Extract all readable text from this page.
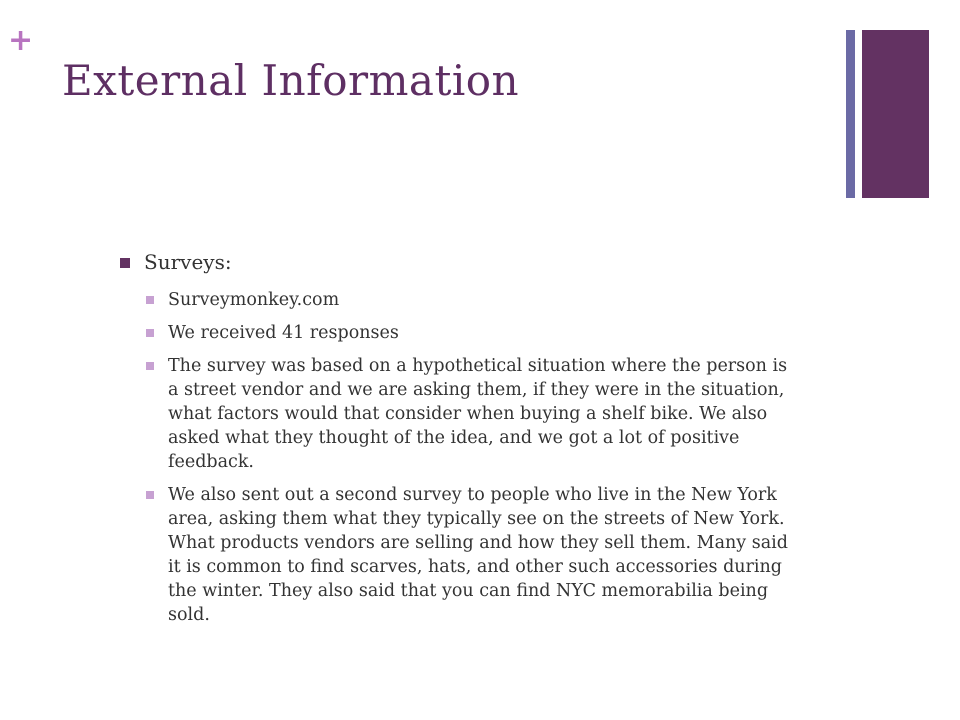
+
External Information
Surveys:
Surveymonkey.com
We received 41 responses
The survey was based on a hypothetical situation where the person is a street vendor and we are asking them, if they were in the situation, what factors would that consider when buying a shelf bike. We also asked what they thought of the idea, and we got a lot of positive feedback.
We also sent out a second survey to people who live in the New York area, asking them what they typically see on the streets of New York. What products vendors are selling and how they sell them. Many said it is common to find scarves, hats, and other such accessories during the winter. They also said that you can find NYC memorabilia being sold.
